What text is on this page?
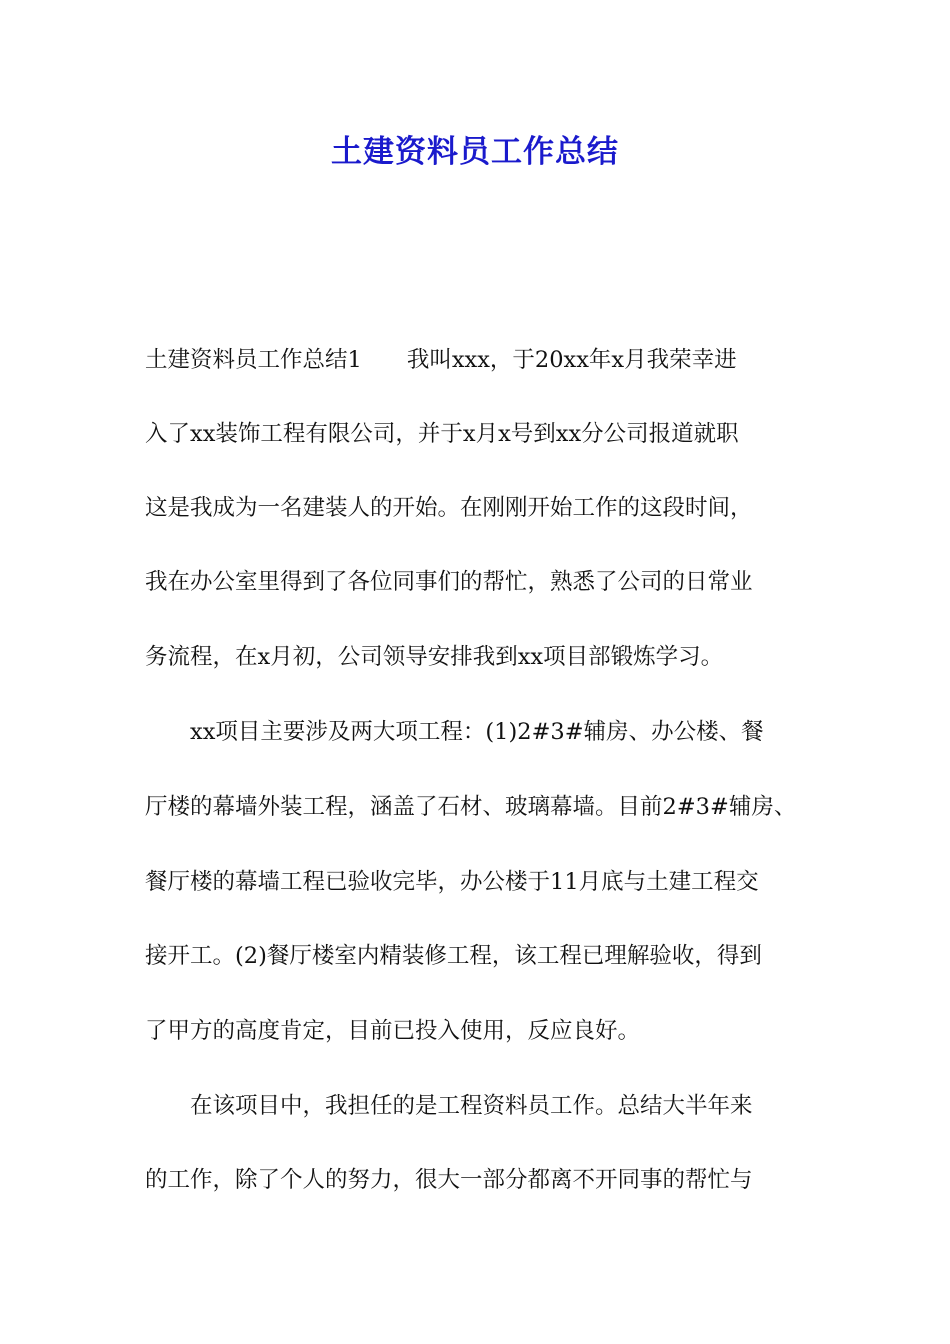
土建资料员工作总结
土建资料员工作总结1　　我叫xxx，于20xx年x月我荣幸进
入了xx装饰工程有限公司，并于x月x号到xx分公司报道就职
这是我成为一名建装人的开始。在刚刚开始工作的这段时间，
我在办公室里得到了各位同事们的帮忙，熟悉了公司的日常业
务流程，在x月初，公司领导安排我到xx项目部锻炼学习。
　　xx项目主要涉及两大项工程：(1)2#3#辅房、办公楼、餐
厅楼的幕墙外装工程，涵盖了石材、玻璃幕墙。目前2#3#辅房、
餐厅楼的幕墙工程已验收完毕，办公楼于11月底与土建工程交
接开工。(2)餐厅楼室内精装修工程，该工程已理解验收，得到
了甲方的高度肯定，目前已投入使用，反应良好。
　　在该项目中，我担任的是工程资料员工作。总结大半年来
的工作，除了个人的努力，很大一部分都离不开同事的帮忙与
